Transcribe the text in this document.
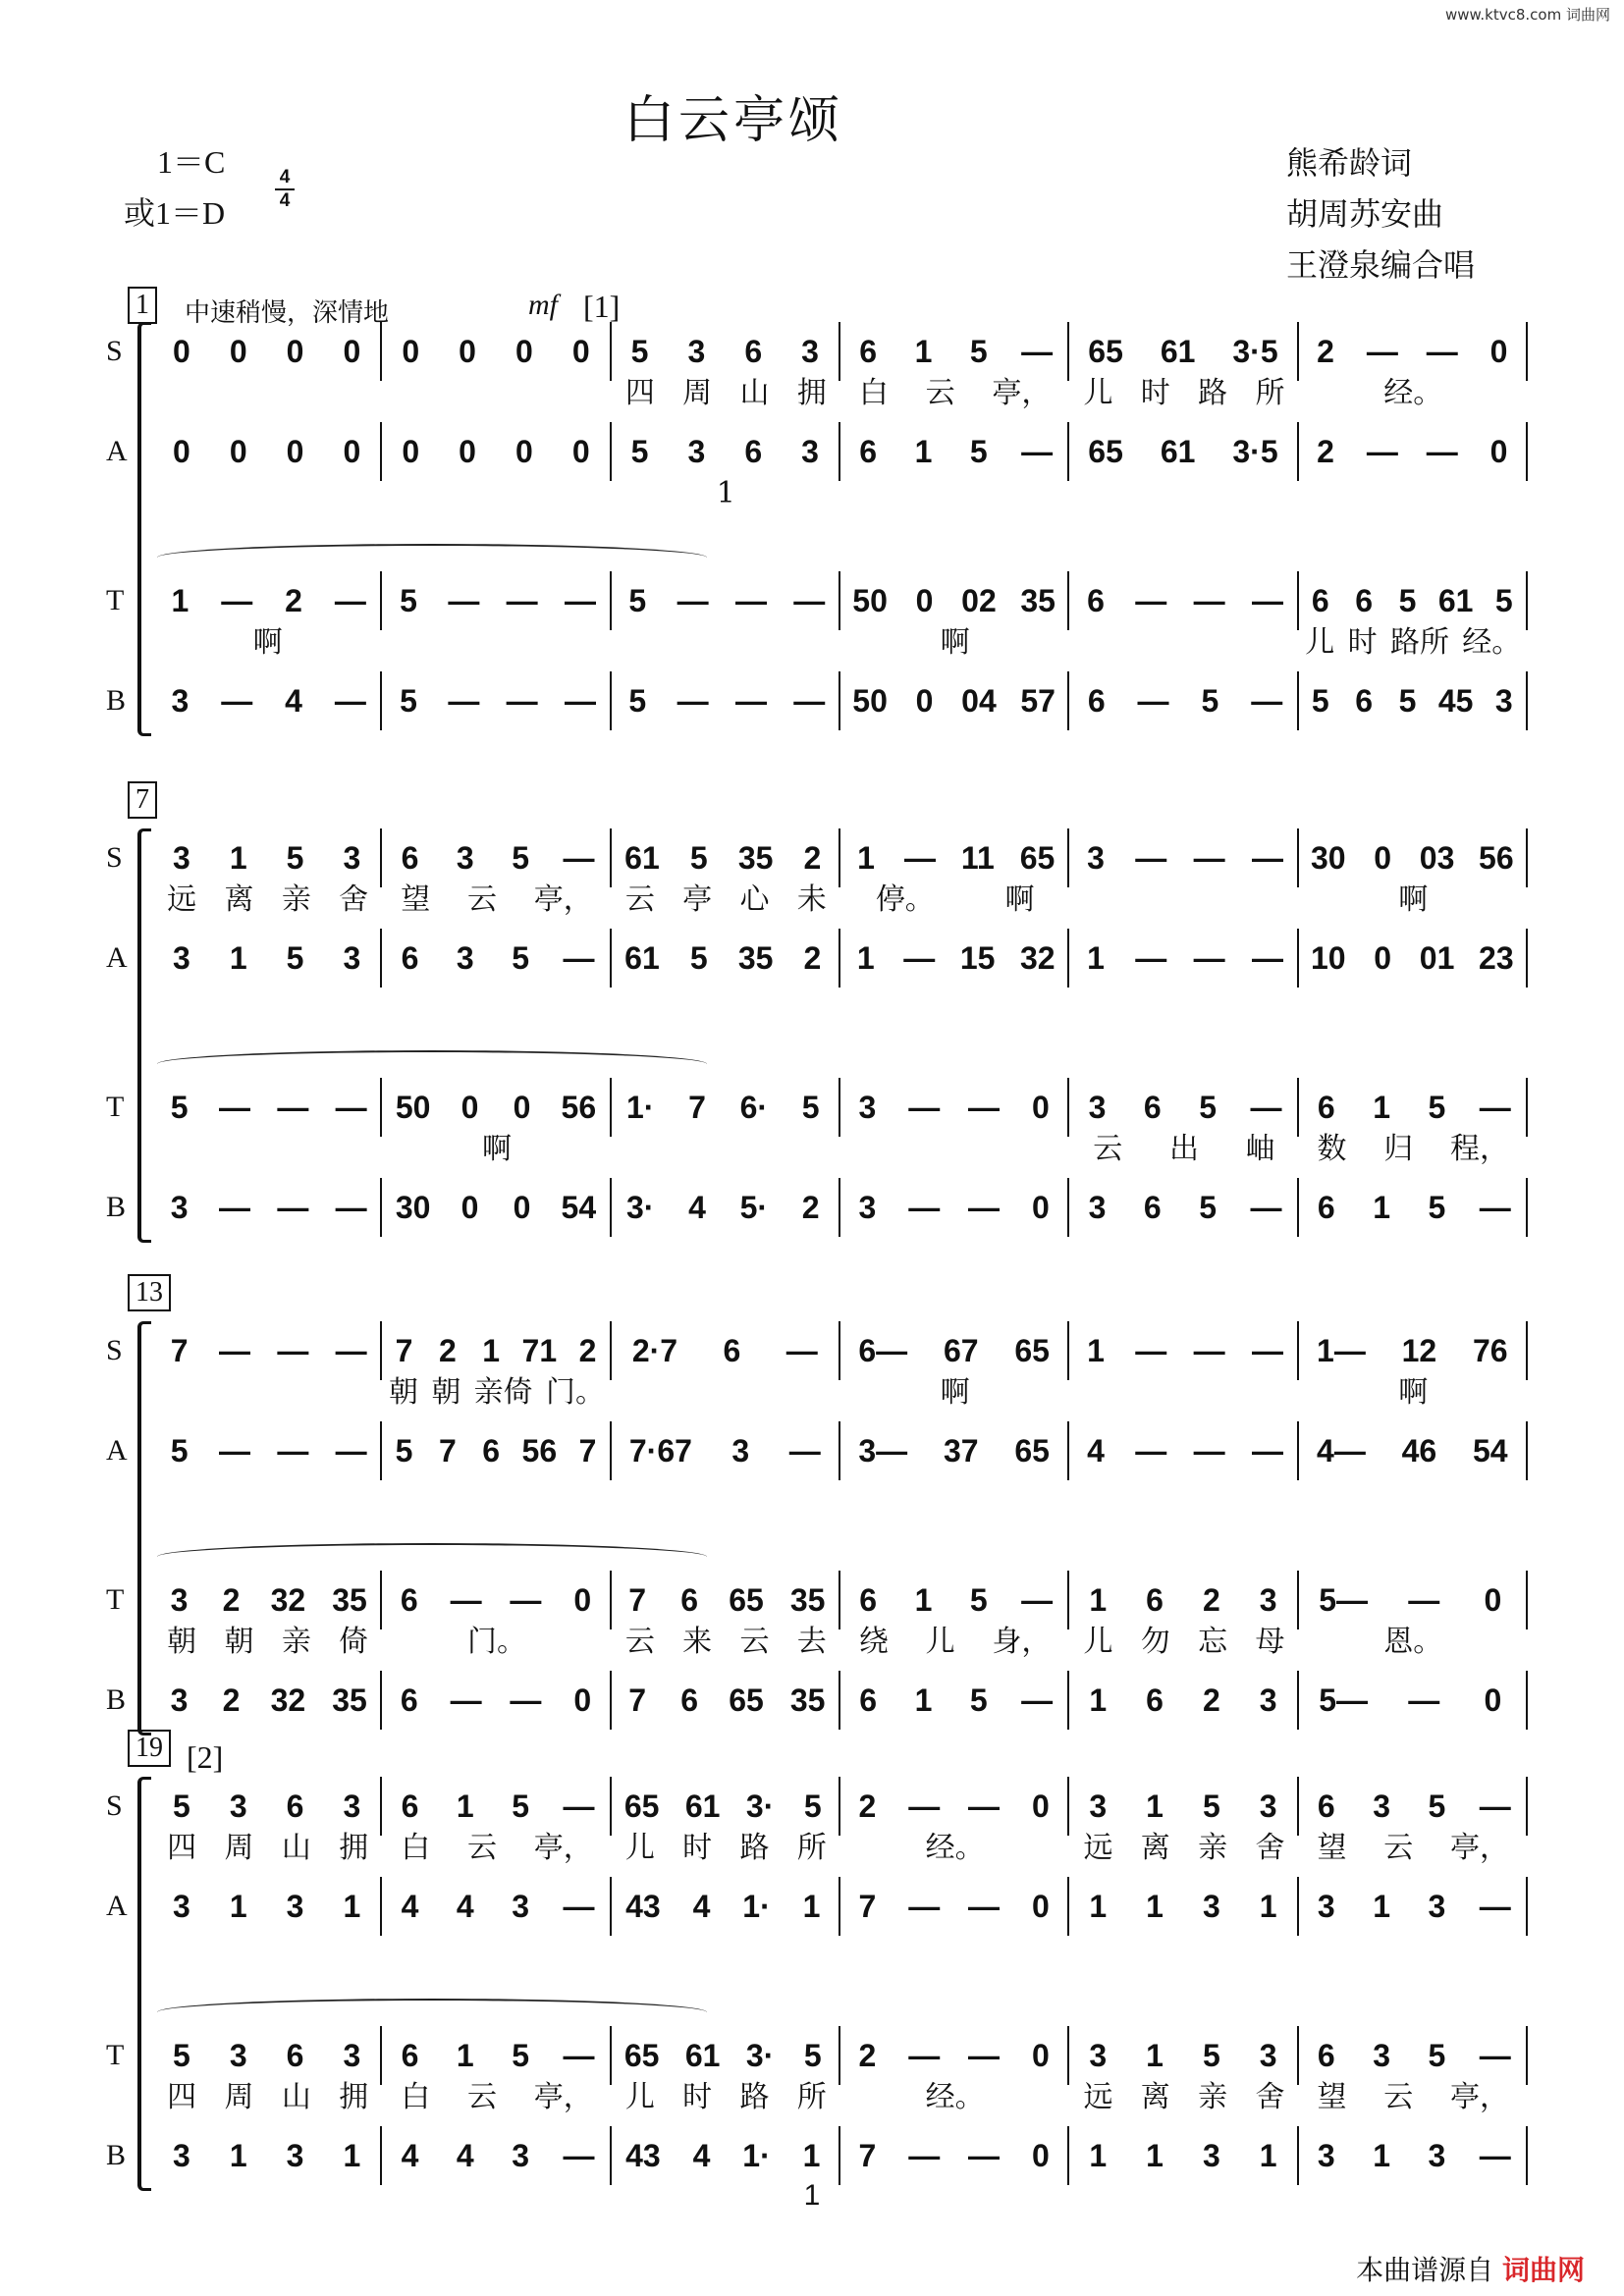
www.ktvc8.com 词曲网
白云亭颂
1＝C
或1＝D
4
4
熊希龄词
胡周苏安曲
王澄泉编合唱
中速稍慢，深情地	mf [1]
[2]
1
S 0 0 0 0 0 0 0 0 5 3 6 3 6 1 5 — 65 61 3·5 2 — — 0
四 周 山 拥 白 云 亭， 儿 时 路 所	经。
A 0 0 0 0 0 0 0 0 5 3 6 3 6 1 5 — 65 61 3·5 2 — — 0
1
T 1 — 2 — 5 — — — 5 — — — 50 0 02 35 6 — — — 6 6 5 61 5
啊	啊	儿 时 路所 经。
B 3 — 4 — 5 — — — 5 — — — 50 0 04 57 6 — 5 — 5 6 5 45 3
7
S 3 1 5 3 6 3 5 — 61 5 35 2 1 — 11 65 3 — — — 30 0 03 56
远 离 亲 舍 望 云 亭， 云 亭 心 未 停。 啊	啊
A 3 1 5 3 6 3 5 — 61 5 35 2 1 — 15 32 1 — — — 10 0 01 23
T 5 — — — 50 0 0 56 1· 7 6· 5 3 — — 0 3 6 5 — 6 1 5 —
啊	云 出 岫 数 归 程，
B 3 — — — 30 0 0 54 3· 4 5· 2 3 — — 0 3 6 5 — 6 1 5 —
13
S 7 — — — 7 2 1 71 2 2·7 6 — 6— 67 65 1 — — — 1— 12 76
朝 朝 亲倚 门。	啊	啊
A 5 — — — 5 7 6 56 7 7·67 3 — 3— 37 65 4 — — — 4— 46 54
T 3 2 32 35 6 — — 0 7 6 65 35 6 1 5 — 1 6 2 3 5— — 0
朝 朝 亲 倚	门。	云 来 云 去 绕 儿 身， 儿 勿 忘 母	恩。
B 3 2 32 35 6 — — 0 7 6 65 35 6 1 5 — 1 6 2 3 5— — 0
19
S 5 3 6 3 6 1 5 — 65 61 3· 5 2 — — 0 3 1 5 3 6 3 5 —
四 周 山 拥 白 云 亭， 儿 时 路 所	经。	远 离 亲 舍 望 云 亭，
A 3 1 3 1 4 4 3 — 43 4 1· 1 7 — — 0 1 1 3 1 3 1 3 —
T 5 3 6 3 6 1 5 — 65 61 3· 5 2 — — 0 3 1 5 3 6 3 5 —
四 周 山 拥 白 云 亭， 儿 时 路 所	经。	远 离 亲 舍 望 云 亭，
B 3 1 3 1 4 4 3 — 43 4 1· 1 7 — — 0 1 1 3 1 3 1 3 —
1
本曲谱源自 词曲网
